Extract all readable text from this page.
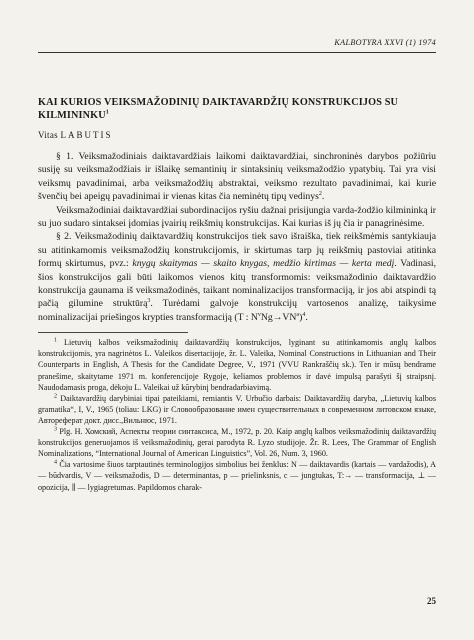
KALBOTYRA XXVI (1) 1974
KAI KURIOS VEIKSMAŽODINIŲ DAIKTAVARDŽIŲ KONSTRUKCIJOS SU KILMININKU$^1$
Vitas LABUTIS

§ 1. Veiksmažodiniais daiktavardžiais laikomi daiktavardžiai, sinchroninės darybos požiūriu susiję su veiksmažodžiais ir išlaikę semantinių ir sintaksinių veiksmažodžio ypatybių. Tai yra visi veiksmų pavadinimai, arba veiksmažodžių abstraktai, veiksmo rezultato pavadinimai, kai kurie švenčių bei apeigų pavadinimai ir vienas kitas čia neminėtų tipų vedinys$^2$.

Veiksmažodiniai daiktavardžiai subordinacijos ryšiu dažnai prisijungia varda-žodžio kilmininką ir su juo sudaro sintaksei įdomias įvairių reikšmių konstrukcijas. Kai kurias iš jų čia ir panagrinėsime.

§ 2. Veiksmažodinių daiktavardžių konstrukcijos tiek savo išraiška, tiek reikšmėmis santykiauja su atitinkamomis veiksmažodžių konstrukcijomis, ir skirtumas tarp jų reikšmių pastoviai atitinka formų skirtumus, pvz.: knygų skaitymas — skaito knygas, medžio kirtimas — kerta medį. Vadinasi, šios konstrukcijos gali būti laikomos vienos kitų transformomis: veiksmažodinio daiktavardžio konstrukcija gaunama iš veiksmažodinės, taikant nominalizacijos transformaciją, ir jos abi atspindi tą pačią gilumine struktūrą$^3$. Turėdami galvoje konstrukcijų vartosenos analizę, taikysime nominalizacijai priešingos krypties transformaciją (T : $N^vNg\to VN^a)^4$.

$^1$ Lietuvių kalbos veiksmažodinių daiktavardžių konstrukcijos, lyginant su atitinkamomis anglų kalbos konstrukcijomis, yra nagrinėtos L. Valeikos disertacijoje, žr. L. Valeika, Nominal Constructions in Lithuanian and Their Counterparts in English, A Thesis for the Candidate Degree, V., 1971 (VVU Rankraščių sk.). Ten ir mūsų bendrame pranešime, skaitytame 1971 m. konferencijoje Rygoje, keliamos problemos ir davė impulsą parašyti šį straipsnį. Naudodamasis proga, dėkoju L. Valeikai už kūrybinį bendradarbiavimą.

$^2$ Daiktavardžių darybiniai tipai pateikiami, remiantis V. Urbučio darbais: Daiktavardžių daryba, „Lietuvių kalbos gramatika“, I, V., 1965 (toliau: LKG) ir Словообразование имен существительных в современном литовском языке, Автореферат докт. дисс.,Вильнюс, 1971.

$^3$ Plg. Н. Хомский, Аспекты теории синтаксиса, М., 1972, p. 20. Kaip anglų kalbos veiksmažodinių daiktavardžių konstrukcijos generuojamos iš veiksmažodinių, gerai parodyta R. Lyzo studijoje. Žr. R. Lees, The Grammar of English Nominalizations, “International Journal of American Linguistics”, Vol. 26, Num. 3, 1960.

$^4$ Čia vartosime šiuos tarptautinės terminologijos simbolius bei ženklus: N — daiktavardis (kartais — vardažodis), A — būdvardis, V — veiksmažodis, D — determinantas, p — prielinksnis, c — jungtukas, T:→ — transformacija, ⊥ — opozicija, ∥ — lygiagretumas. Papildomos charak-

25
